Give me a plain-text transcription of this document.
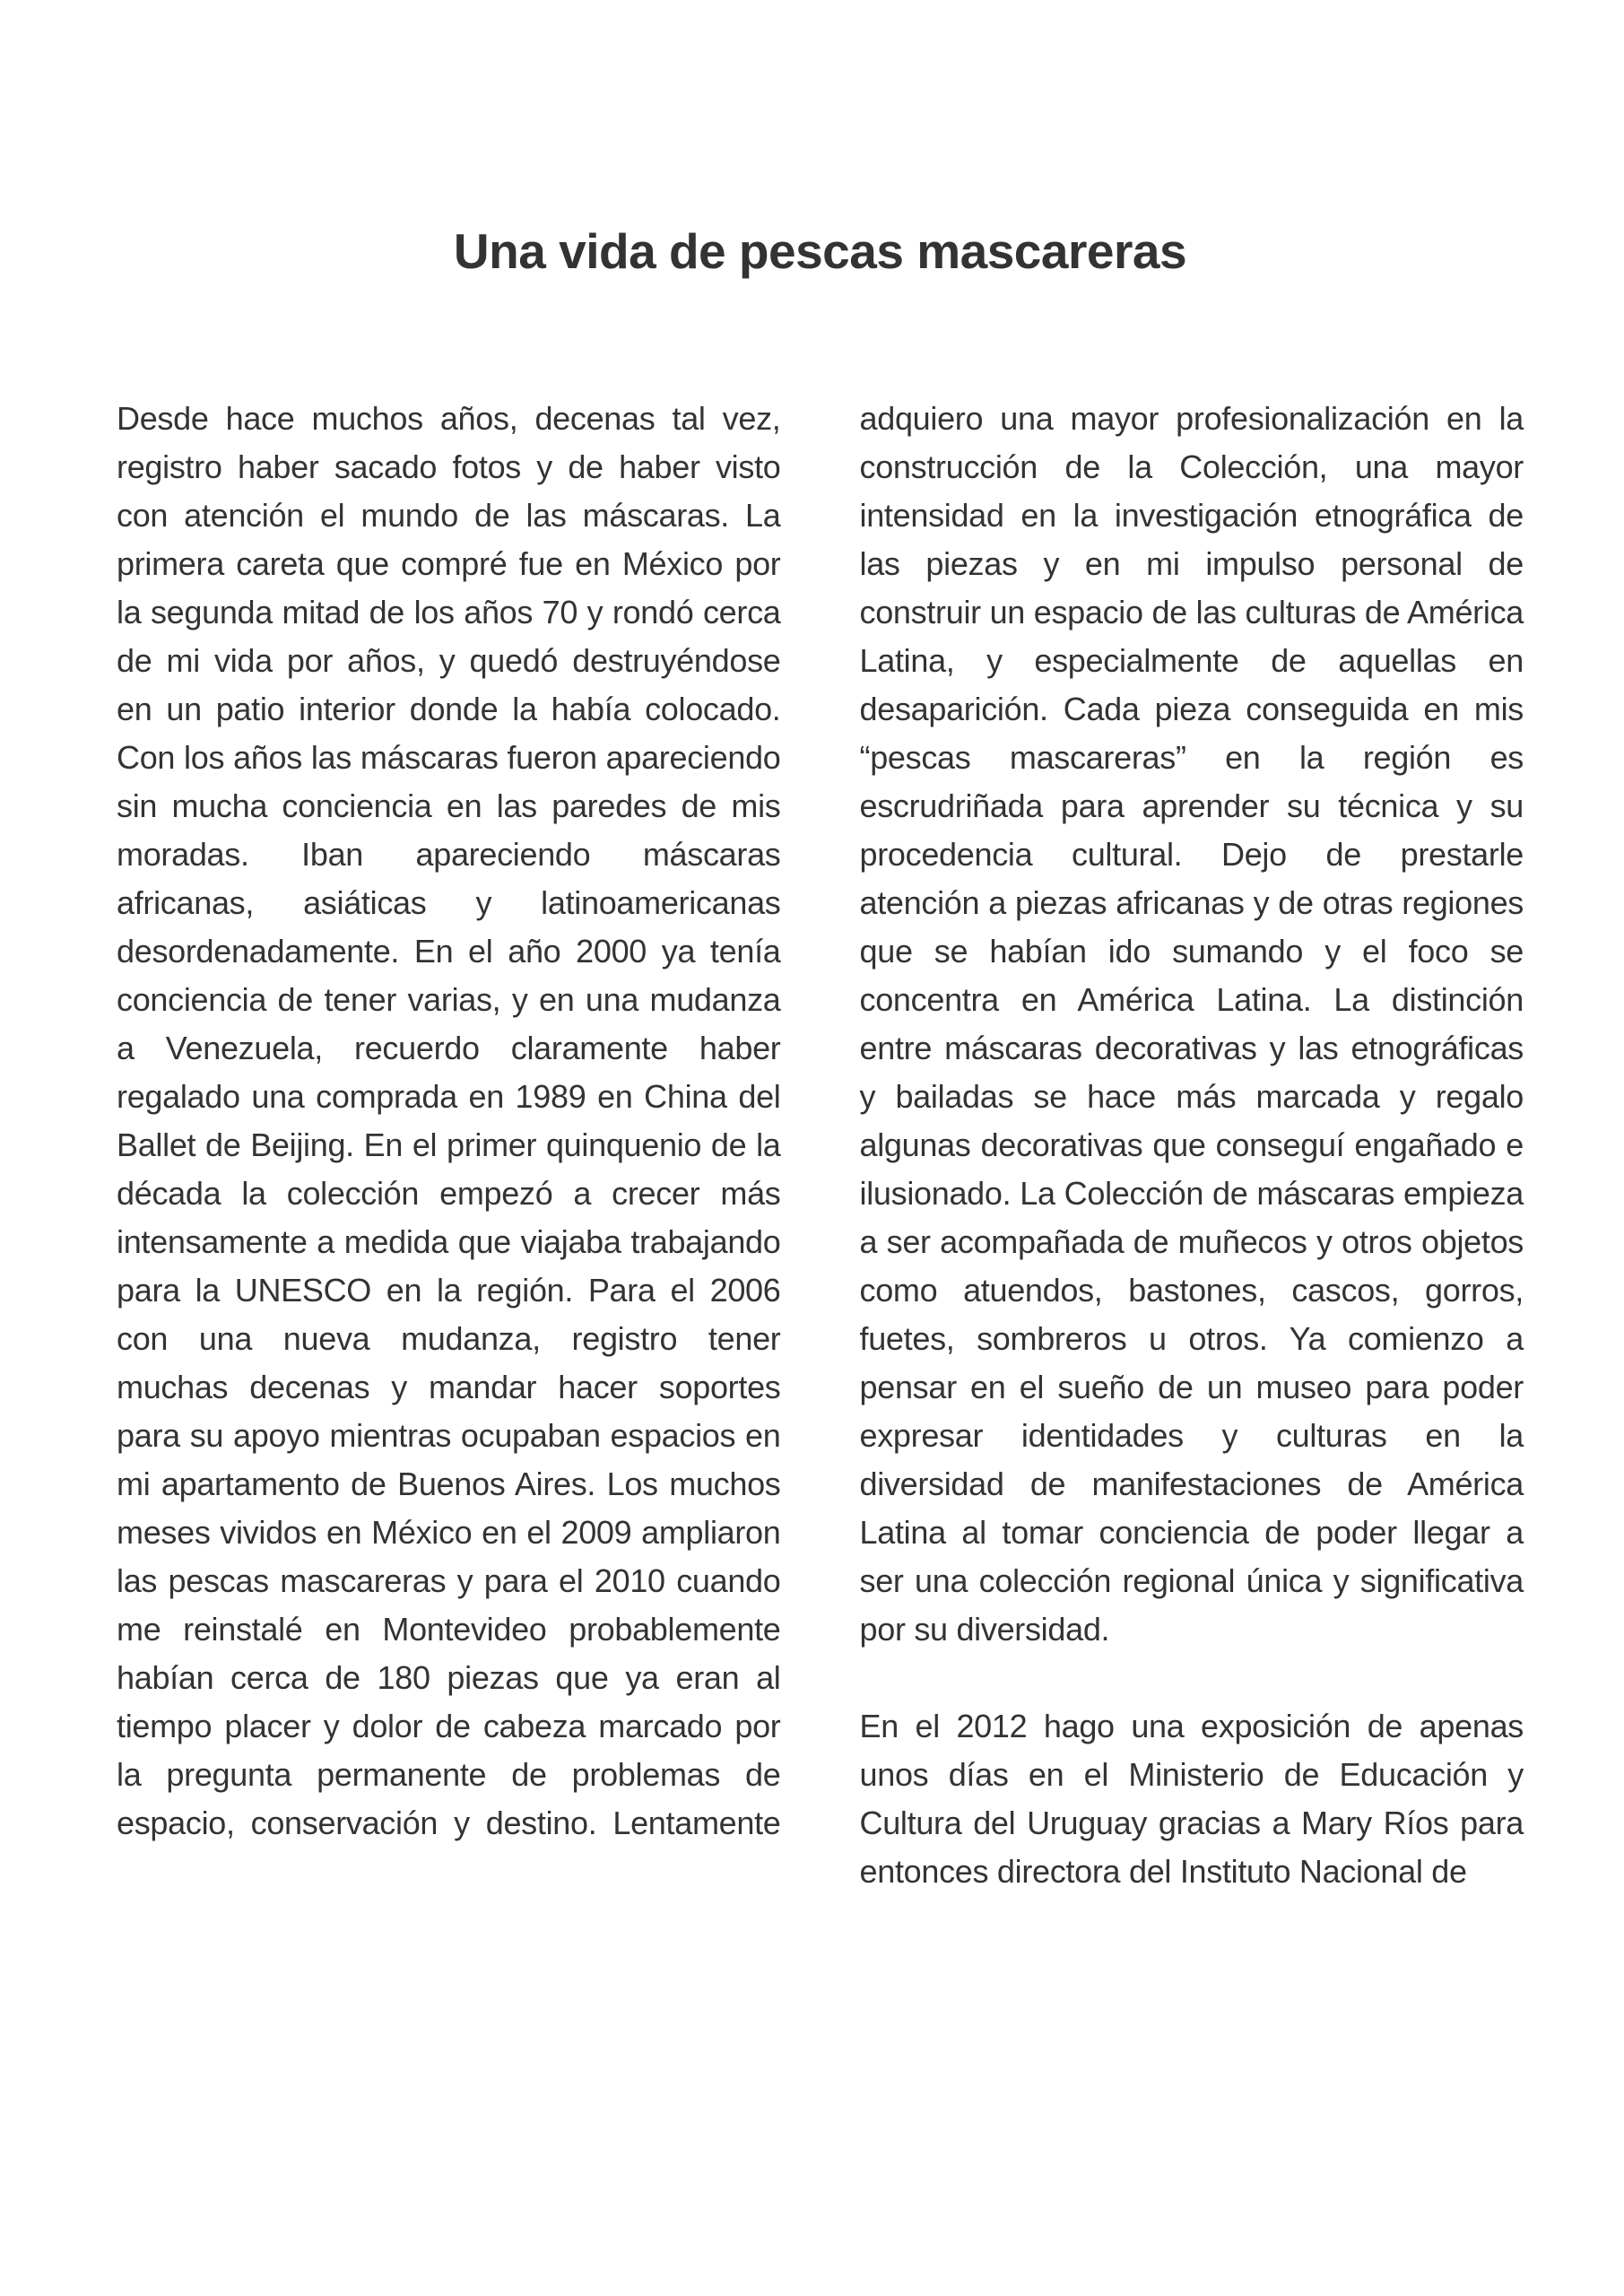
Una vida de pescas mascareras

Desde hace muchos años, decenas tal vez, registro haber sacado fotos y de haber visto con atención el mundo de las máscaras. La primera careta que compré fue en México por la segunda mitad de los años 70 y rondó cerca de mi vida por años, y quedó destruyéndose en un patio interior donde la había colocado. Con los años las máscaras fueron apareciendo sin mucha conciencia en las paredes de mis moradas. Iban apareciendo máscaras africanas, asiáticas y latinoamericanas desordenadamente. En el año 2000 ya tenía conciencia de tener varias, y en una mudanza a Venezuela, recuerdo claramente haber regalado una comprada en 1989 en China del Ballet de Beijing. En el primer quinquenio de la década la colección empezó a crecer más intensamente a medida que viajaba trabajando para la UNESCO en la región. Para el 2006 con una nueva mudanza, registro tener muchas decenas y mandar hacer soportes para su apoyo mientras ocupaban espacios en mi apartamento de Buenos Aires. Los muchos meses vividos en México en el 2009 ampliaron las pescas mascareras y para el 2010 cuando me reinstalé en Montevideo probablemente habían cerca de 180 piezas que ya eran al tiempo placer y dolor de cabeza marcado por la pregunta permanente de problemas de espacio, conservación y destino. Lentamente

adquiero una mayor profesionalización en la construcción de la Colección, una mayor intensidad en la investigación etnográfica de las piezas y en mi impulso personal de construir un espacio de las culturas de América Latina, y especialmente de aquellas en desaparición. Cada pieza conseguida en mis “pescas mascareras” en la región es escrudriñada para aprender su técnica y su procedencia cultural. Dejo de prestarle atención a piezas africanas y de otras regiones que se habían ido sumando y el foco se concentra en América Latina. La distinción entre máscaras decorativas y las etnográficas y bailadas se hace más marcada y regalo algunas decorativas que conseguí engañado e ilusionado. La Colección de máscaras empieza a ser acompañada de muñecos y otros objetos como atuendos, bastones, cascos, gorros, fuetes, sombreros u otros. Ya comienzo a pensar en el sueño de un museo para poder expresar identidades y culturas en la diversidad de manifestaciones de América Latina al tomar conciencia de poder llegar a ser una colección regional única y significativa por su diversidad.

En el 2012 hago una exposición de apenas unos días en el Ministerio de Educación y Cultura del Uruguay gracias a Mary Ríos para entonces directora del Instituto Nacional de
